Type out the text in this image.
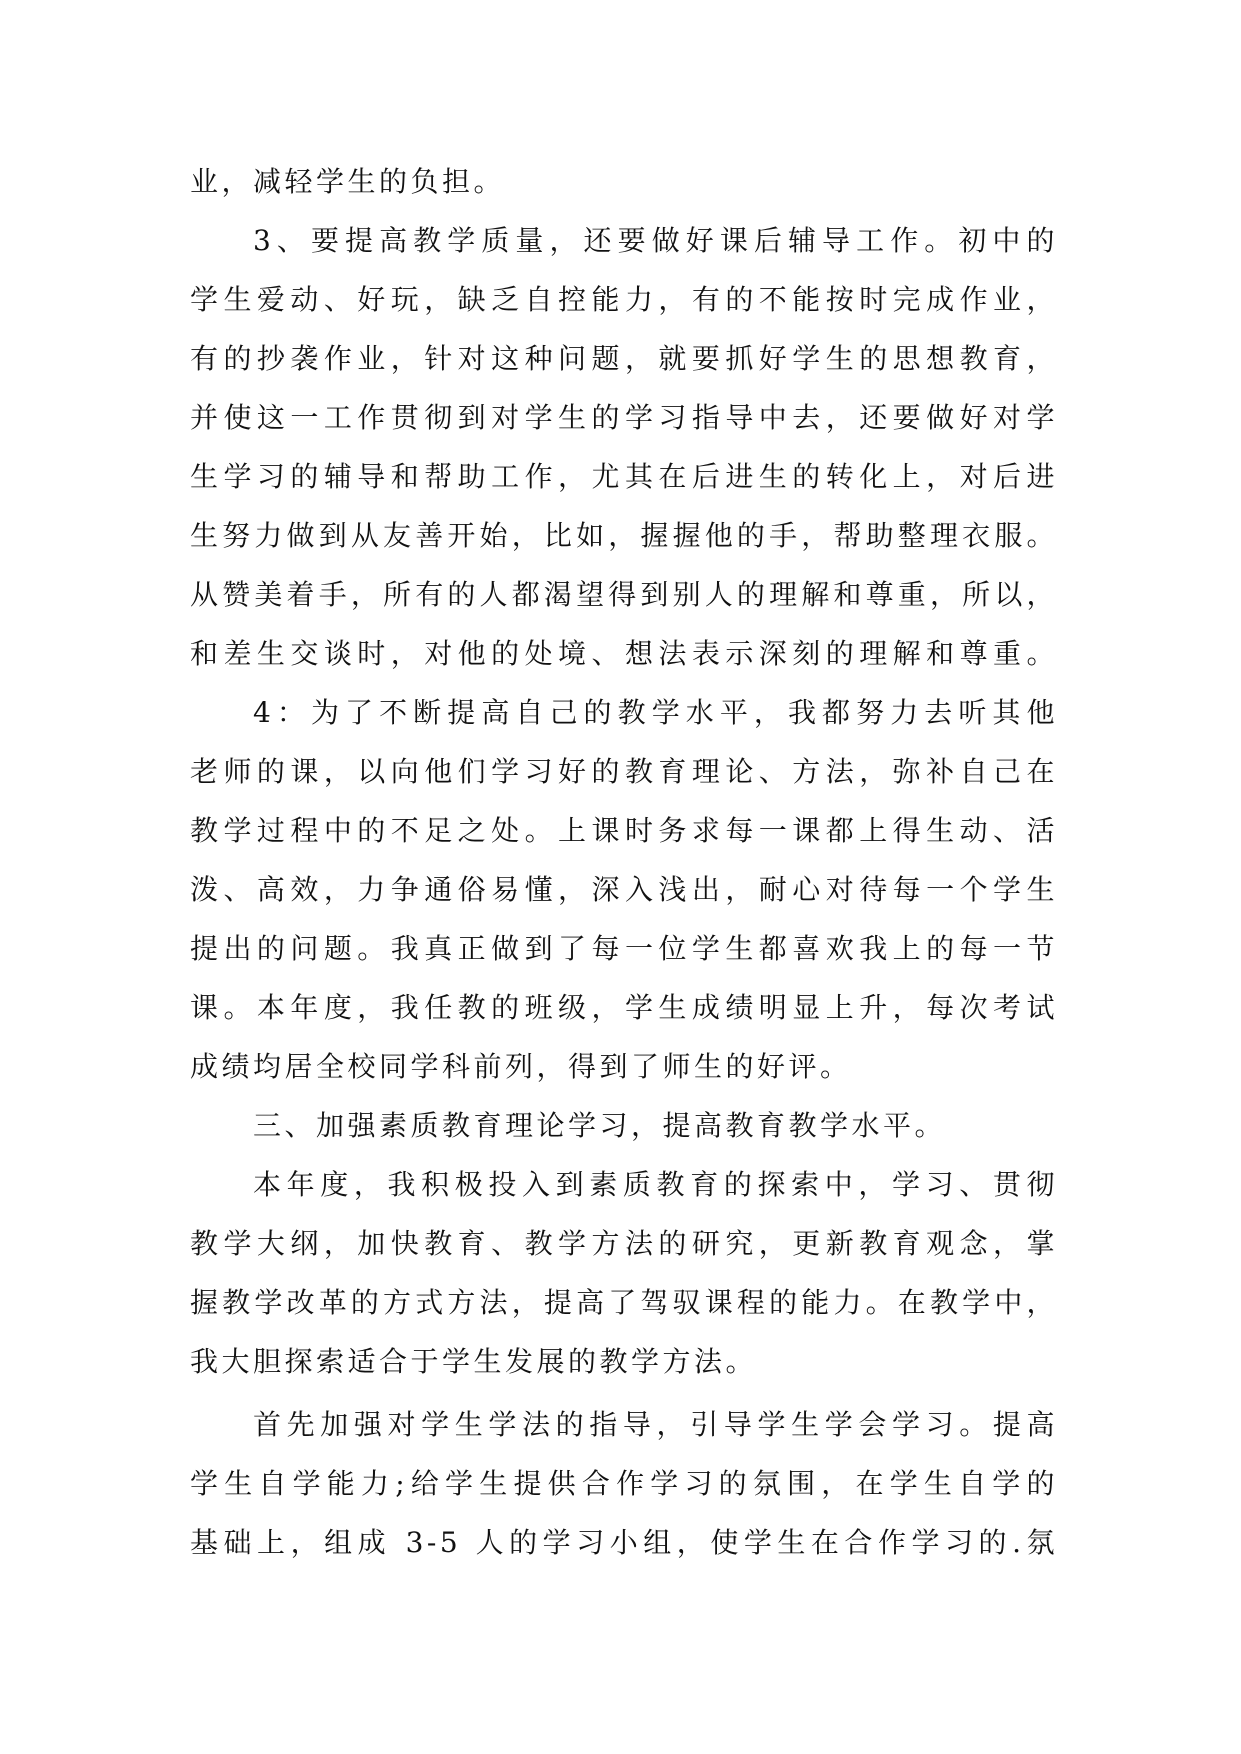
业，减轻学生的负担。
3、要提高教学质量，还要做好课后辅导工作。初中的
学生爱动、好玩，缺乏自控能力，有的不能按时完成作业，
有的抄袭作业，针对这种问题，就要抓好学生的思想教育，
并使这一工作贯彻到对学生的学习指导中去，还要做好对学
生学习的辅导和帮助工作，尤其在后进生的转化上，对后进
生努力做到从友善开始，比如，握握他的手，帮助整理衣服。
从赞美着手，所有的人都渴望得到别人的理解和尊重，所以，
和差生交谈时，对他的处境、想法表示深刻的理解和尊重。
4：为了不断提高自己的教学水平，我都努力去听其他
老师的课，以向他们学习好的教育理论、方法，弥补自己在
教学过程中的不足之处。上课时务求每一课都上得生动、活
泼、高效，力争通俗易懂，深入浅出，耐心对待每一个学生
提出的问题。我真正做到了每一位学生都喜欢我上的每一节
课。本年度，我任教的班级，学生成绩明显上升，每次考试
成绩均居全校同学科前列，得到了师生的好评。
三、加强素质教育理论学习，提高教育教学水平。
本年度，我积极投入到素质教育的探索中，学习、贯彻
教学大纲，加快教育、教学方法的研究，更新教育观念，掌
握教学改革的方式方法，提高了驾驭课程的能力。在教学中，
我大胆探索适合于学生发展的教学方法。
首先加强对学生学法的指导，引导学生学会学习。提高
学生自学能力;给学生提供合作学习的氛围，在学生自学的
基础上，组成 3-5 人的学习小组，使学生在合作学习的.氛
